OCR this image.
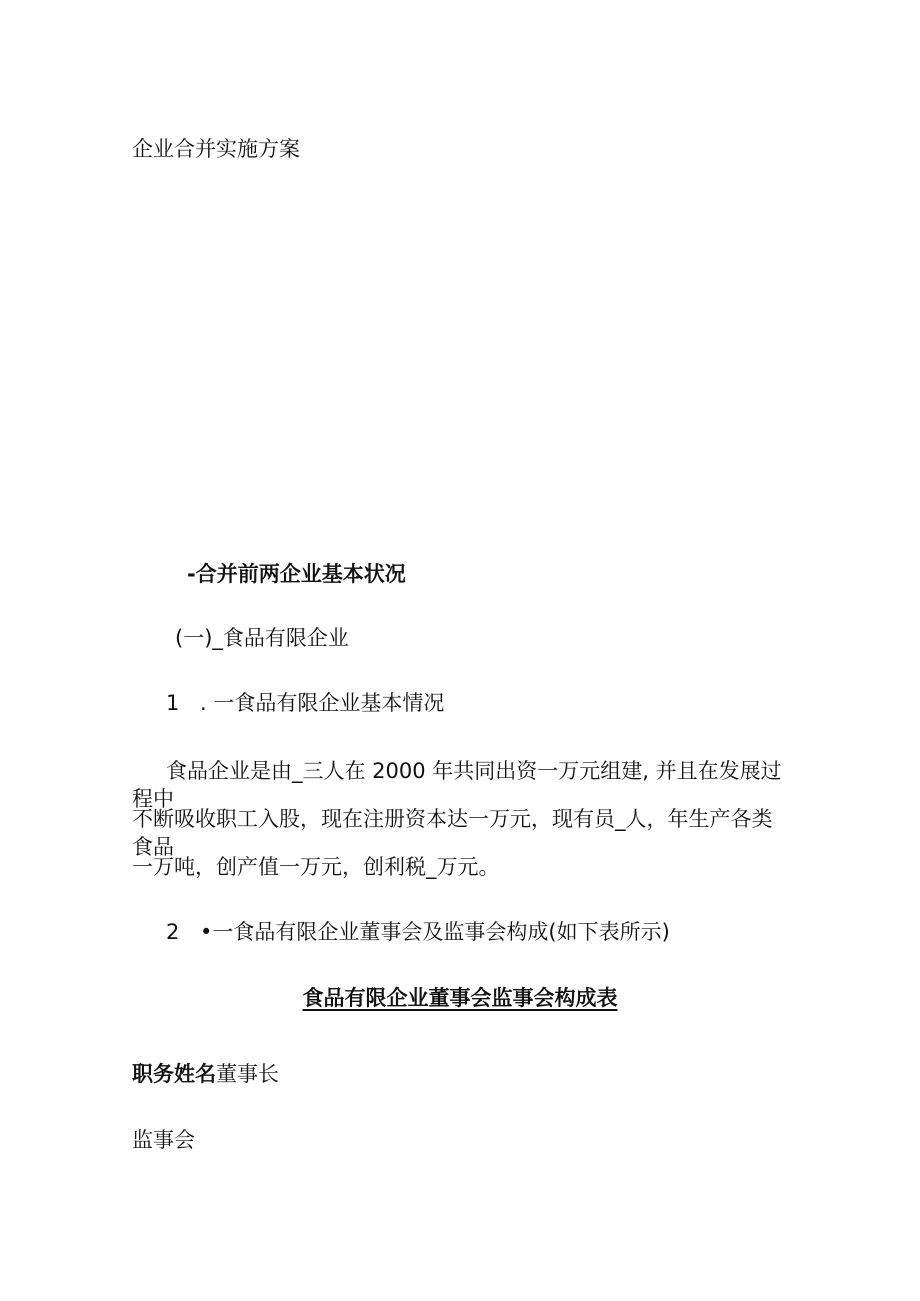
企业合并实施方案
-合并前两企业基本状况
(一)_食品有限企业
1 . 一食品有限企业基本情况
食品企业是由_三人在 2000 年共同出资一万元组建, 并且在发展过程中
不断吸收职工入股，现在注册资本达一万元，现有员_人，年生产各类食品
一万吨，创产值一万元，创利税_万元。
2 •一食品有限企业董事会及监事会构成(如下表所示)
食品有限企业董事会监事会构成表
职务姓名董事长
监事会
